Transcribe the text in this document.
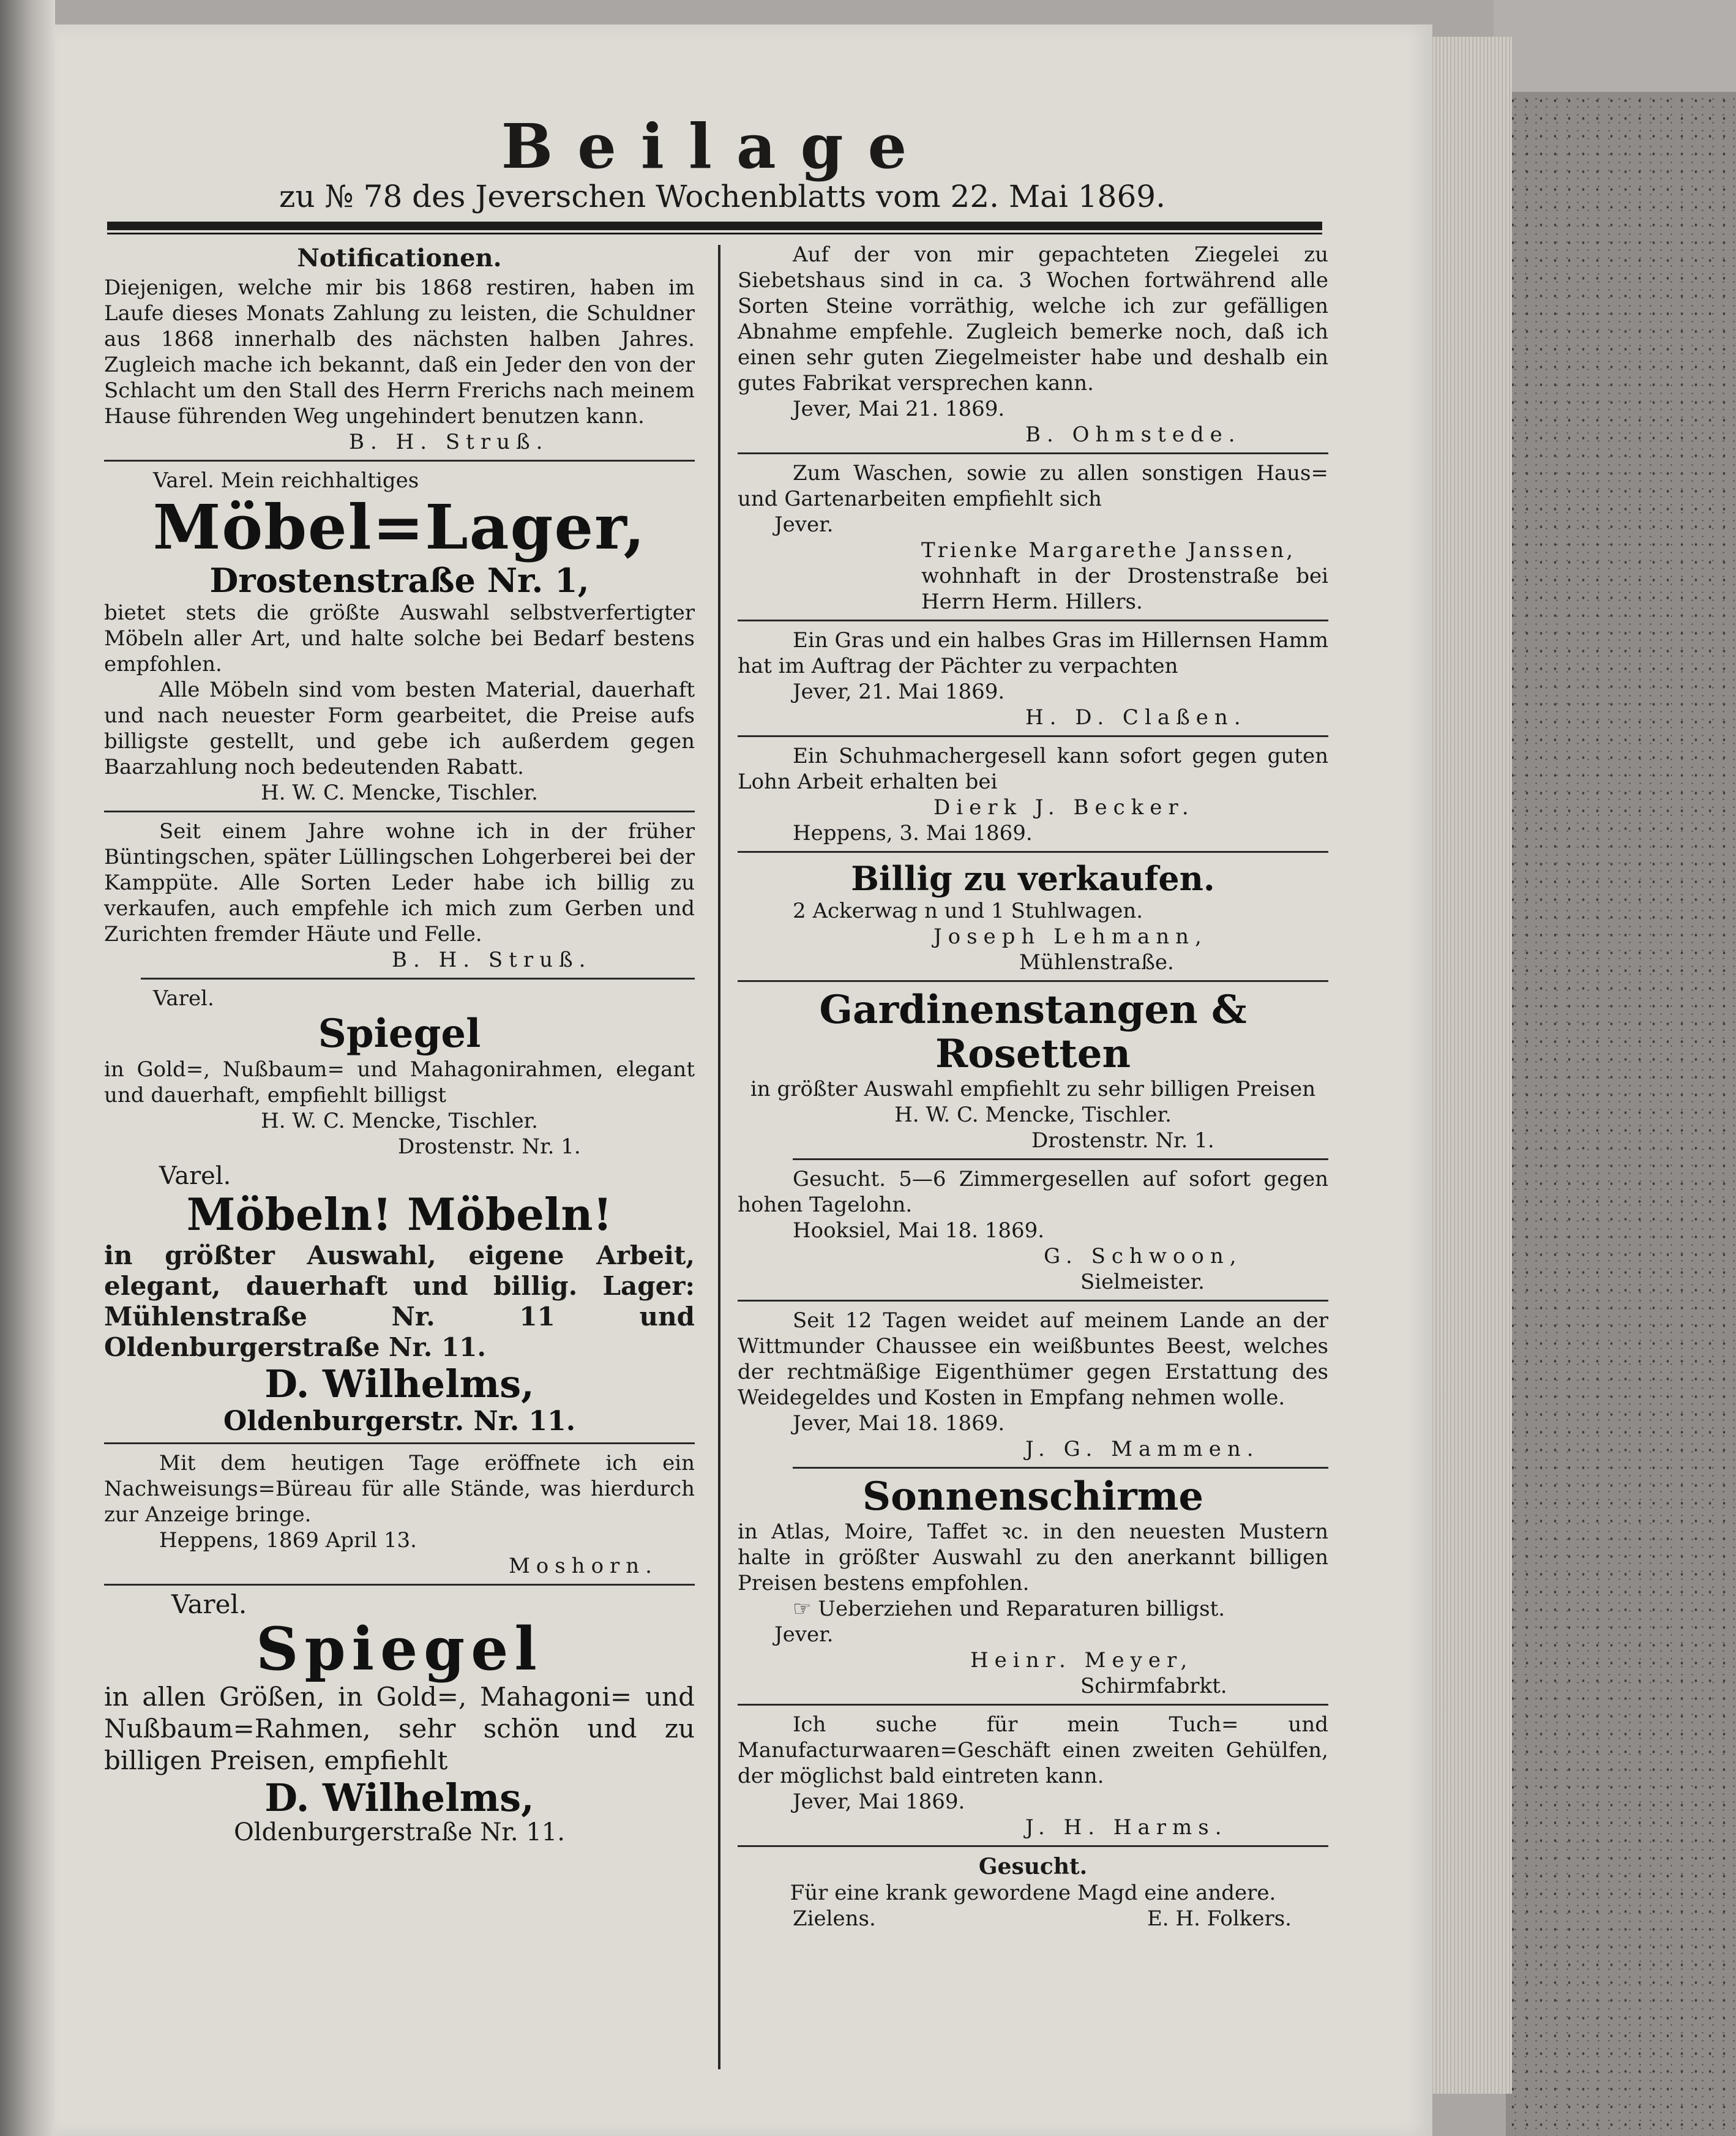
Beilage
zu № 78 des Jeverschen Wochenblatts vom 22. Mai 1869.
Notificationen.
Diejenigen, welche mir bis 1868 restiren, haben im Laufe dieses Monats Zahlung zu leisten, die Schuldner aus 1868 innerhalb des nächsten halben Jahres. Zugleich mache ich bekannt, daß ein Jeder den von der Schlacht um den Stall des Herrn Frerichs nach meinem Hause führenden Weg ungehindert benutzen kann.
B. H. Struß.
Varel. Mein reichhaltiges
Möbel=Lager,
Drostenstraße Nr. 1,
bietet stets die größte Auswahl selbstverfertigter Möbeln aller Art, und halte solche bei Bedarf bestens empfohlen.
Alle Möbeln sind vom besten Material, dauerhaft und nach neuester Form gearbeitet, die Preise aufs billigste gestellt, und gebe ich außerdem gegen Baarzahlung noch bedeutenden Rabatt.
H. W. C. Mencke, Tischler.
Seit einem Jahre wohne ich in der früher Büntingschen, später Lüllingschen Lohgerberei bei der Kamppüte. Alle Sorten Leder habe ich billig zu verkaufen, auch empfehle ich mich zum Gerben und Zurichten fremder Häute und Felle.
B. H. Struß.
Varel.
Spiegel
in Gold=, Nußbaum= und Mahagonirahmen, elegant und dauerhaft, empfiehlt billigst
H. W. C. Mencke, Tischler.
Drostenstr. Nr. 1.
Varel.
Möbeln! Möbeln!
in größter Auswahl, eigene Arbeit, elegant, dauerhaft und billig. Lager: Mühlenstraße Nr. 11 und Oldenburgerstraße Nr. 11.
D. Wilhelms,
Oldenburgerstr. Nr. 11.
Mit dem heutigen Tage eröffnete ich ein Nachweisungs=Büreau für alle Stände, was hierdurch zur Anzeige bringe.
Heppens, 1869 April 13.
Moshorn.
Varel.
Spiegel
in allen Größen, in Gold=, Mahagoni= und Nußbaum=Rahmen, sehr schön und zu billigen Preisen, empfiehlt
D. Wilhelms,
Oldenburgerstraße Nr. 11.
Auf der von mir gepachteten Ziegelei zu Siebetshaus sind in ca. 3 Wochen fortwährend alle Sorten Steine vorräthig, welche ich zur gefälligen Abnahme empfehle. Zugleich bemerke noch, daß ich einen sehr guten Ziegelmeister habe und deshalb ein gutes Fabrikat versprechen kann.
Jever, Mai 21. 1869.
B. Ohmstede.
Zum Waschen, sowie zu allen sonstigen Haus= und Gartenarbeiten empfiehlt sich
Jever.
Trienke Margarethe Janssen,
wohnhaft in der Drostenstraße bei Herrn Herm. Hillers.
Ein Gras und ein halbes Gras im Hillernsen Hamm hat im Auftrag der Pächter zu verpachten
Jever, 21. Mai 1869.
H. D. Claßen.
Ein Schuhmachergesell kann sofort gegen guten Lohn Arbeit erhalten bei
Dierk J. Becker.
Heppens, 3. Mai 1869.
Billig zu verkaufen.
2 Ackerwag n und 1 Stuhlwagen.
Joseph Lehmann,
Mühlenstraße.
Gardinenstangen &
Rosetten
in größter Auswahl empfiehlt zu sehr billigen Preisen
H. W. C. Mencke, Tischler.
Drostenstr. Nr. 1.
Gesucht. 5—6 Zimmergesellen auf sofort gegen hohen Tagelohn.
Hooksiel, Mai 18. 1869.
G. Schwoon,
Sielmeister.
Seit 12 Tagen weidet auf meinem Lande an der Wittmunder Chaussee ein weißbuntes Beest, welches der rechtmäßige Eigenthümer gegen Erstattung des Weidegeldes und Kosten in Empfang nehmen wolle.
Jever, Mai 18. 1869.
J. G. Mammen.
Sonnenschirme
in Atlas, Moire, Taffet ꝛc. in den neuesten Mustern halte in größter Auswahl zu den anerkannt billigen Preisen bestens empfohlen.
☞ Ueberziehen und Reparaturen billigst.
Jever.
Heinr. Meyer,
Schirmfabrkt.
Ich suche für mein Tuch= und Manufacturwaaren=Geschäft einen zweiten Gehülfen, der möglichst bald eintreten kann.
Jever, Mai 1869.
J. H. Harms.
Gesucht.
Für eine krank gewordene Magd eine andere.
Zielens.	E. H. Folkers.
